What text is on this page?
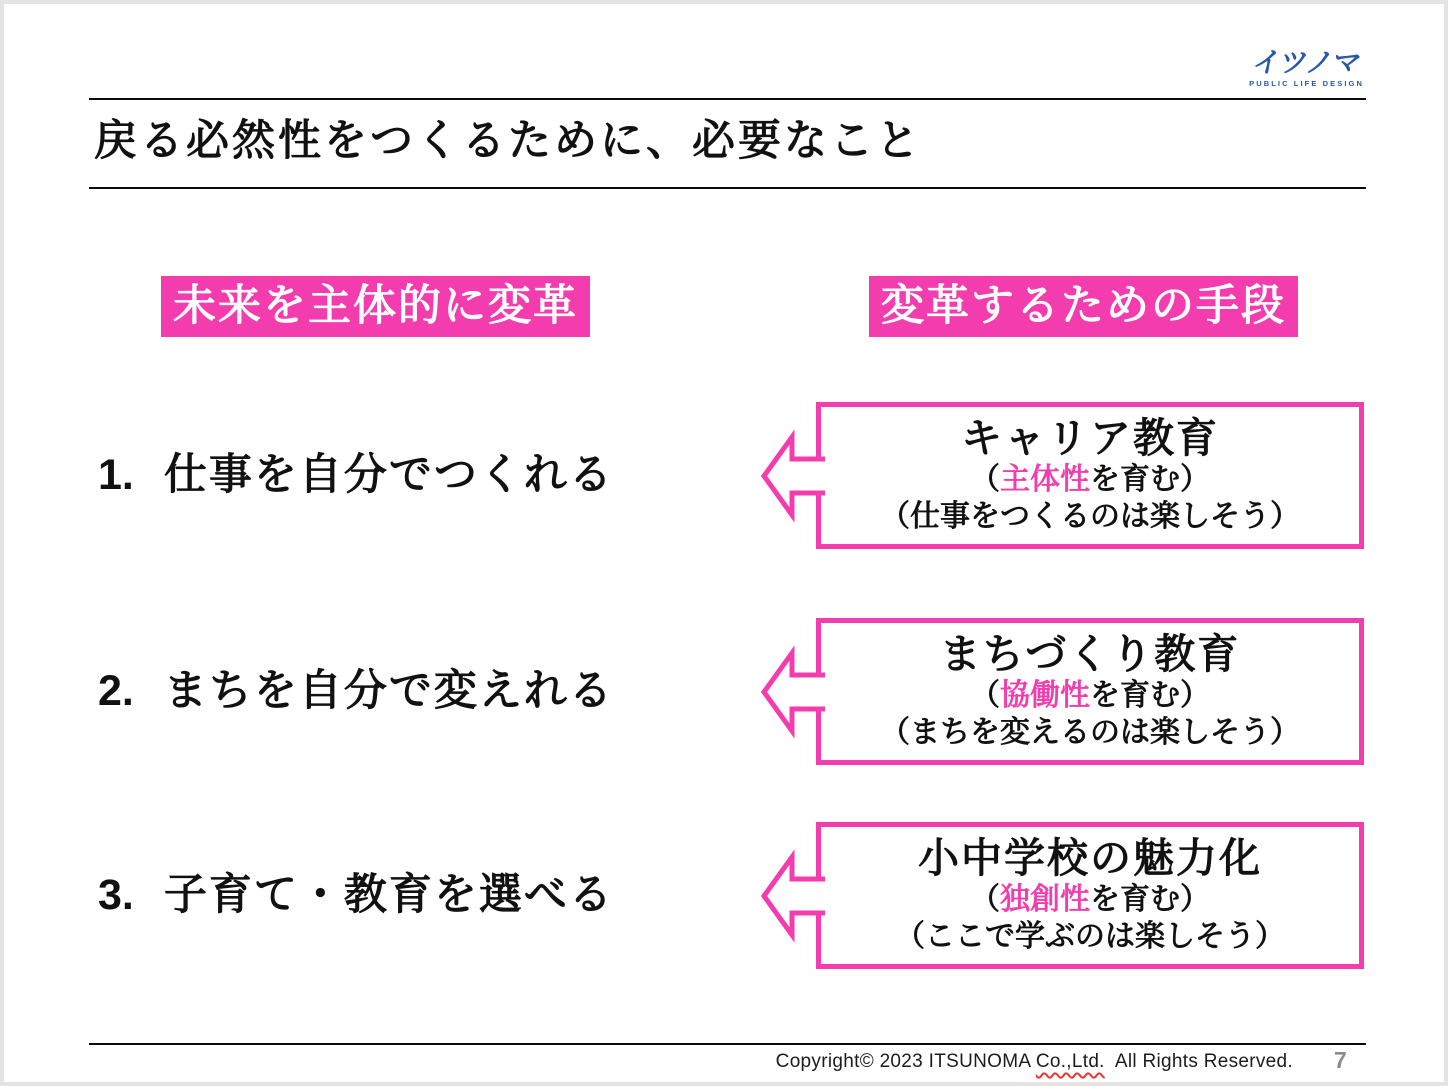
イツノマ
PUBLIC LIFE DESIGN
戻る必然性をつくるために、必要なこと
未来を主体的に変革	変革するための手段
1. 仕事を自分でつくれる
2. まちを自分で変えれる
3. 子育て・教育を選べる
キャリア教育
（主体性を育む）
（仕事をつくるのは楽しそう）
まちづくり教育
（協働性を育む）
（まちを変えるのは楽しそう）
小中学校の魅力化
（独創性を育む）
（ここで学ぶのは楽しそう）
Copyright© 2023 ITSUNOMA Co.,Ltd.  All Rights Reserved. 7
